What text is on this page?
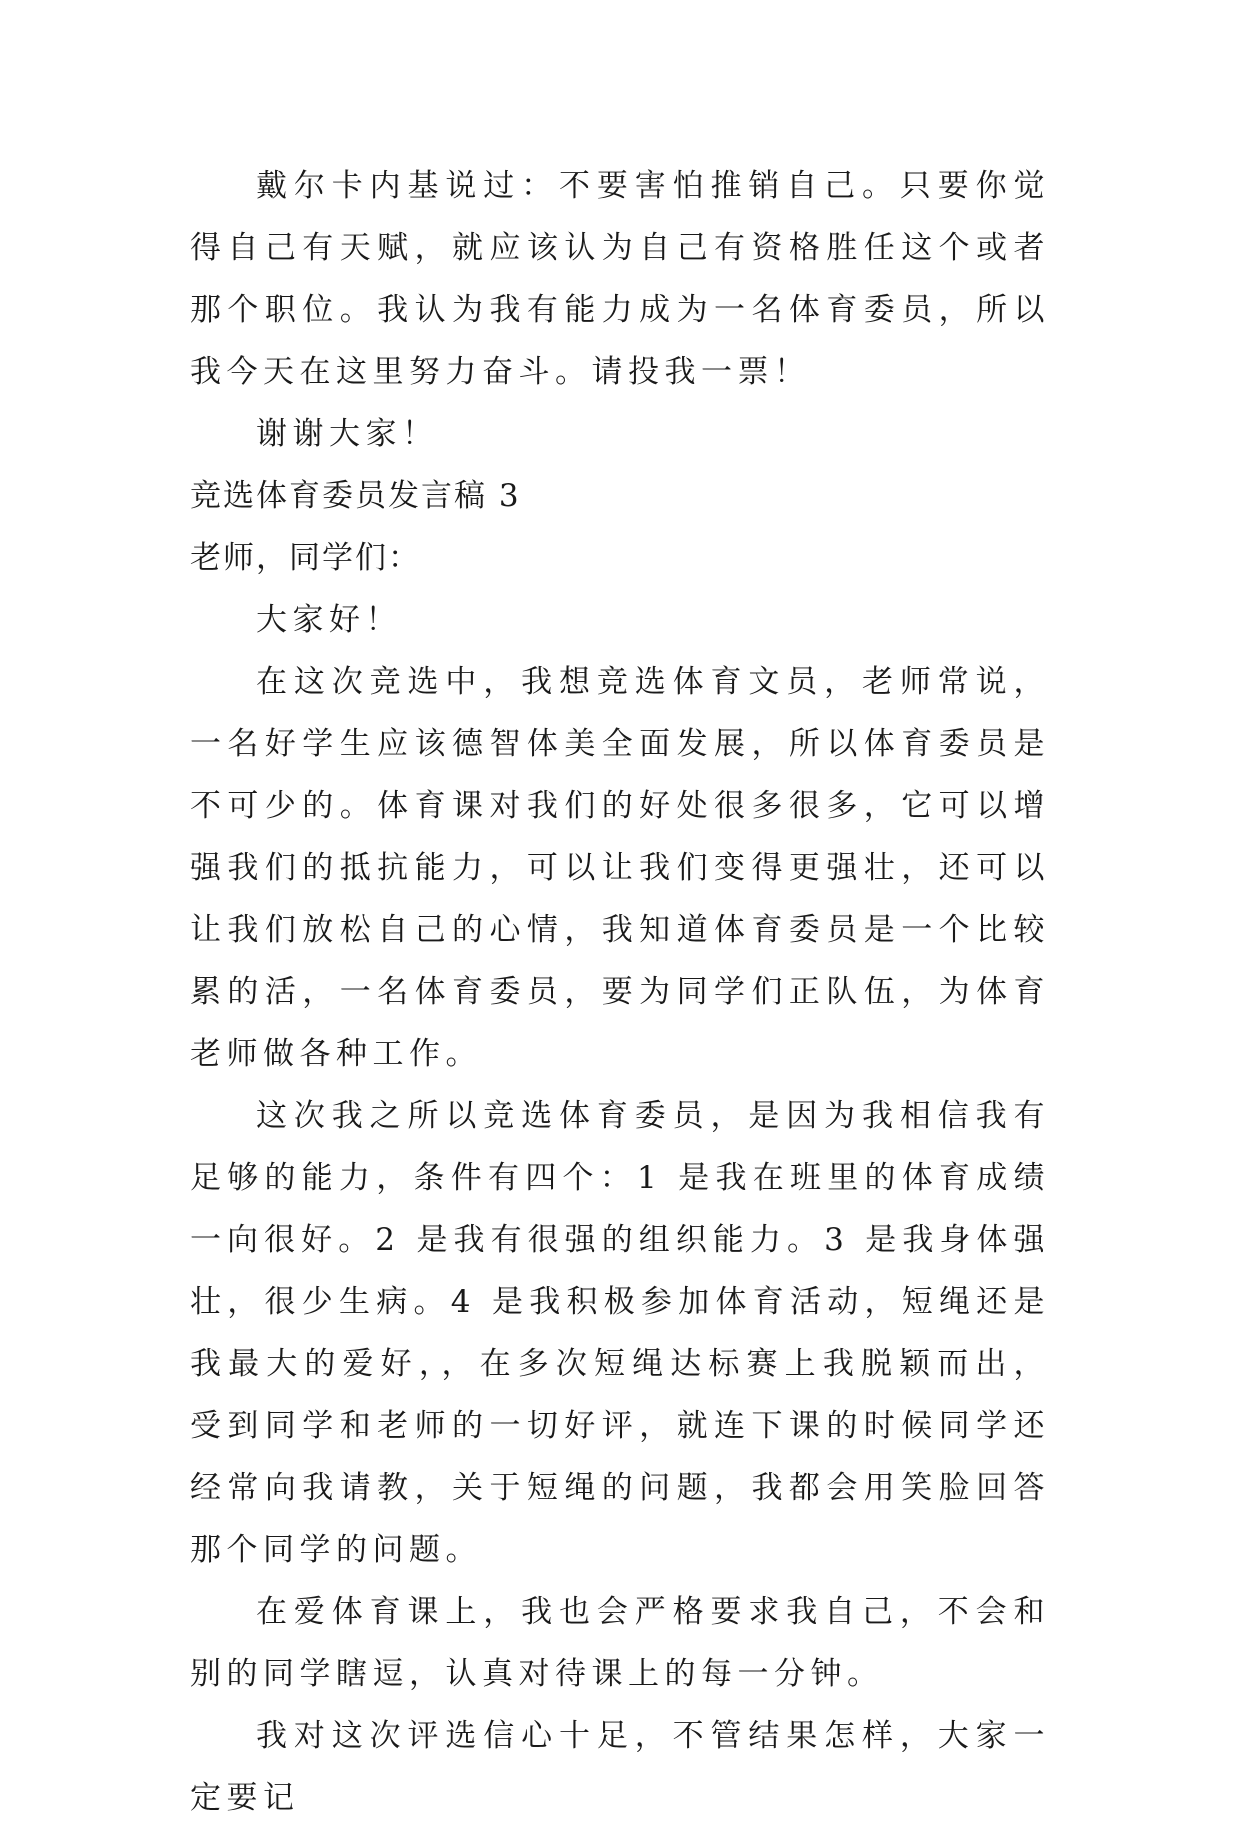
戴尔卡内基说过：不要害怕推销自己。只要你觉得自己有天赋，就应该认为自己有资格胜任这个或者那个职位。我认为我有能力成为一名体育委员，所以我今天在这里努力奋斗。请投我一票！

谢谢大家！

竞选体育委员发言稿 3

老师，同学们：

大家好！

在这次竞选中，我想竞选体育文员，老师常说，一名好学生应该德智体美全面发展，所以体育委员是不可少的。体育课对我们的好处很多很多，它可以增强我们的抵抗能力，可以让我们变得更强壮，还可以让我们放松自己的心情，我知道体育委员是一个比较累的活，一名体育委员，要为同学们正队伍，为体育老师做各种工作。

这次我之所以竞选体育委员，是因为我相信我有足够的能力，条件有四个：1 是我在班里的体育成绩一向很好。2 是我有很强的组织能力。3 是我身体强壮，很少生病。4 是我积极参加体育活动，短绳还是我最大的爱好，，在多次短绳达标赛上我脱颖而出，受到同学和老师的一切好评，就连下课的时候同学还经常向我请教，关于短绳的问题，我都会用笑脸回答那个同学的问题。

在爱体育课上，我也会严格要求我自己，不会和别的同学瞎逗，认真对待课上的每一分钟。

我对这次评选信心十足，不管结果怎样，大家一定要记
